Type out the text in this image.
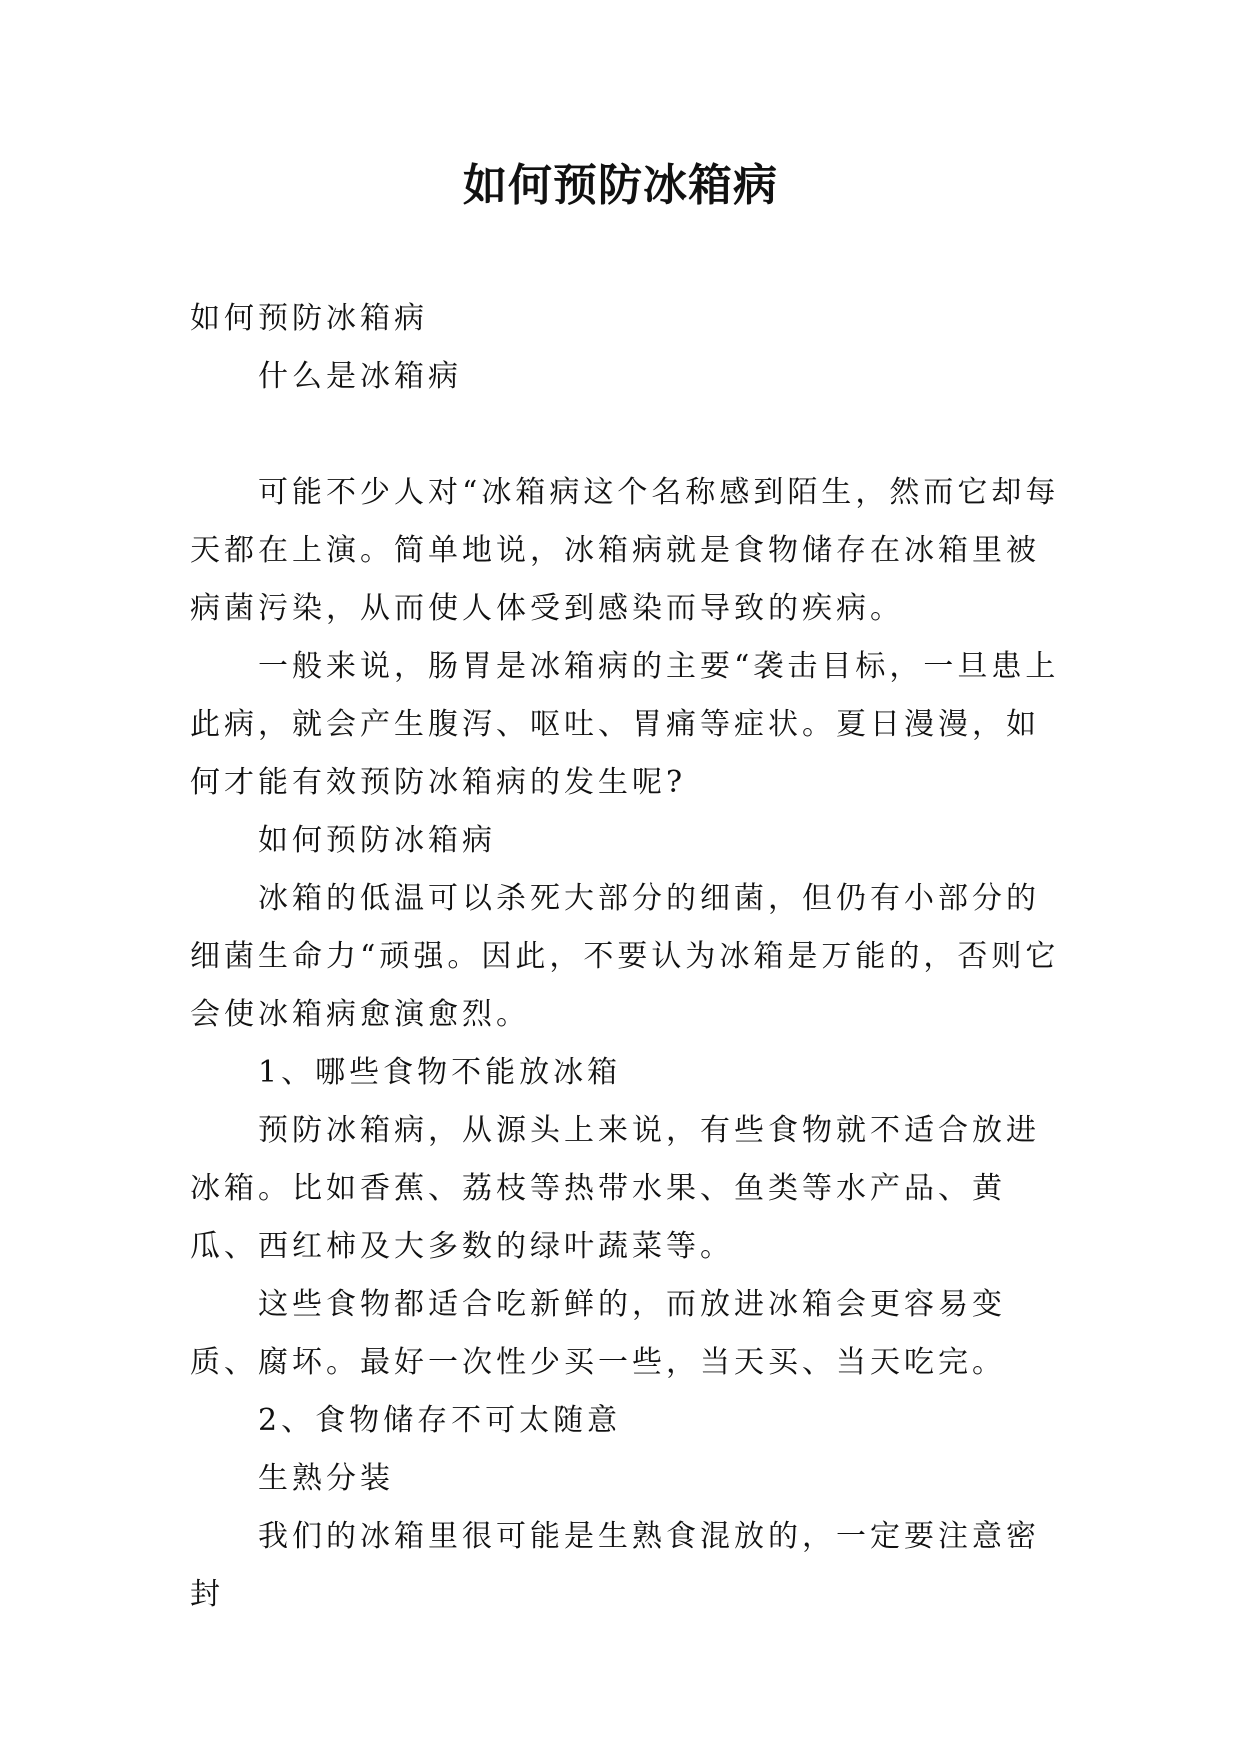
如何预防冰箱病

如何预防冰箱病

什么是冰箱病

可能不少人对“冰箱病这个名称感到陌生，然而它却每天都在上演。简单地说，冰箱病就是食物储存在冰箱里被病菌污染，从而使人体受到感染而导致的疾病。

一般来说，肠胃是冰箱病的主要“袭击目标，一旦患上此病，就会产生腹泻、呕吐、胃痛等症状。夏日漫漫，如何才能有效预防冰箱病的发生呢?

如何预防冰箱病

冰箱的低温可以杀死大部分的细菌，但仍有小部分的细菌生命力“顽强。因此，不要认为冰箱是万能的，否则它会使冰箱病愈演愈烈。

1、哪些食物不能放冰箱

预防冰箱病，从源头上来说，有些食物就不适合放进冰箱。比如香蕉、荔枝等热带水果、鱼类等水产品、黄瓜、西红柿及大多数的绿叶蔬菜等。

这些食物都适合吃新鲜的，而放进冰箱会更容易变质、腐坏。最好一次性少买一些，当天买、当天吃完。

2、食物储存不可太随意

生熟分装

我们的冰箱里很可能是生熟食混放的，一定要注意密封
